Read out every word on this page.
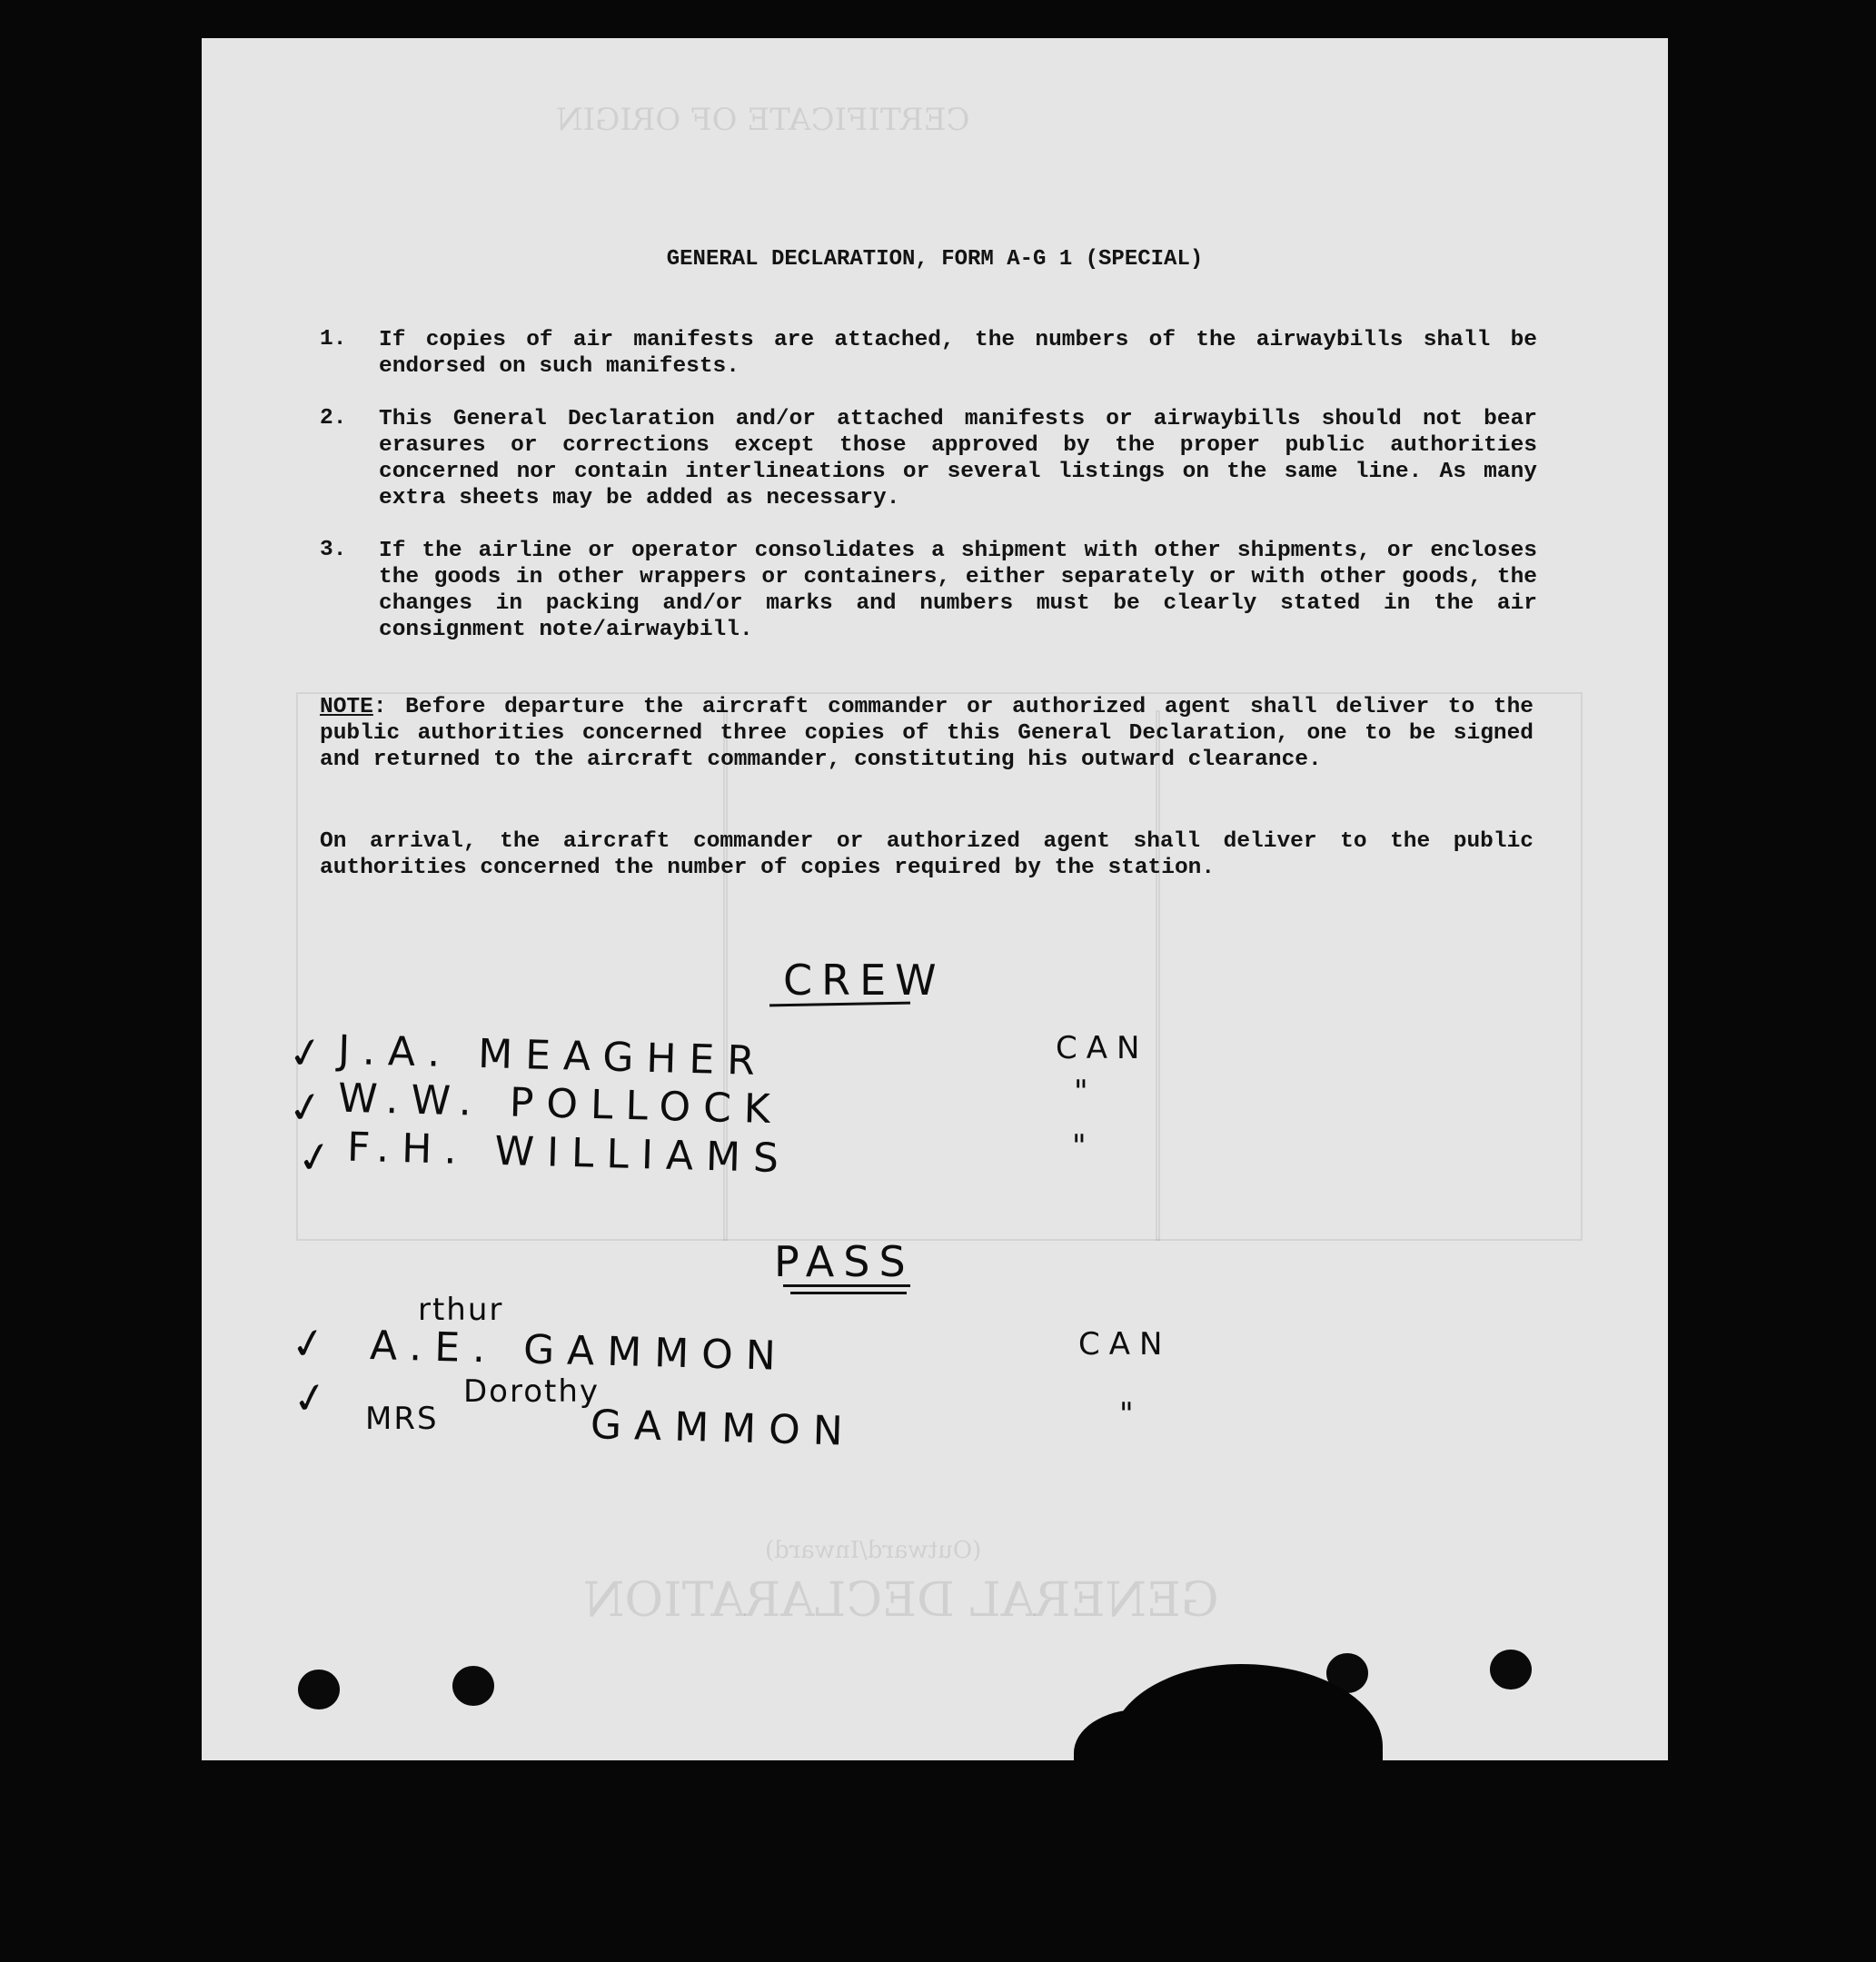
CERTIFICATE OF ORIGIN
GENERAL DECLARATION
(Outward/Inward)
GENERAL DECLARATION, FORM A-G 1 (SPECIAL)
1. If copies of air manifests are attached, the numbers of the airwaybills shall be endorsed on such manifests.
2. This General Declaration and/or attached manifests or airwaybills should not bear erasures or corrections except those approved by the proper public authorities concerned nor contain interlineations or several listings on the same line. As many extra sheets may be added as necessary.
3. If the airline or operator consolidates a shipment with other shipments, or encloses the goods in other wrappers or containers, either separately or with other goods, the changes in packing and/or marks and numbers must be clearly stated in the air consignment note/airwaybill.
NOTE: Before departure the aircraft commander or authorized agent shall deliver to the public authorities concerned three copies of this General Declaration, one to be signed and returned to the aircraft commander, constituting his outward clearance.
On arrival, the aircraft commander or authorized agent shall deliver to the public authorities concerned the number of copies required by the station.
CREW
✓ J.A. MEAGHER	CAN
✓ W.W. POLLOCK	"
✓ F.H. WILLIAMS	"
PASS
✓
rthur
A.E. GAMMON	CAN
✓ MRS
Dorothy
GAMMON	"
